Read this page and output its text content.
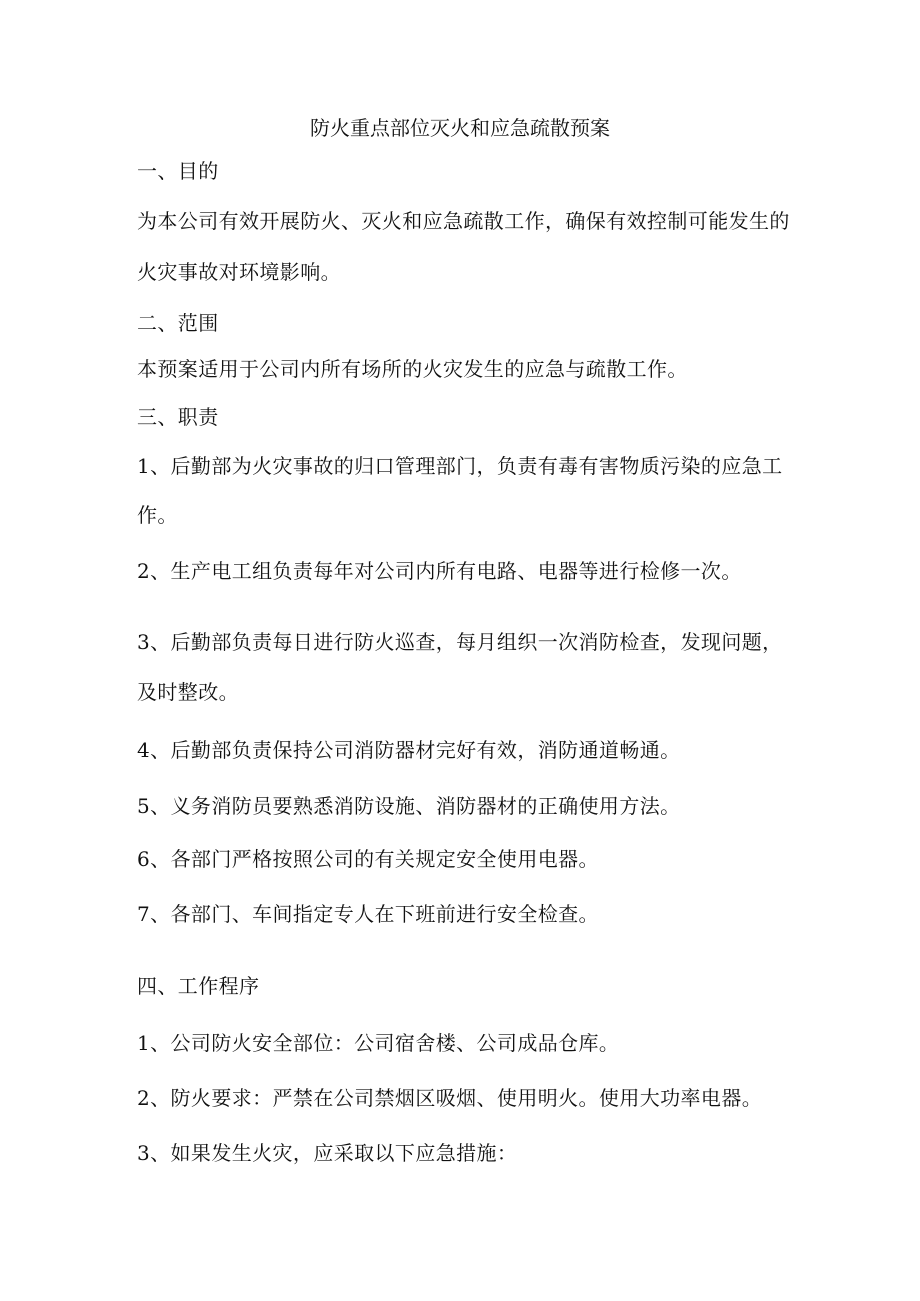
防火重点部位灭火和应急疏散预案
一、目的
为本公司有效开展防火、灭火和应急疏散工作，确保有效控制可能发生的
火灾事故对环境影响。
二、范围
本预案适用于公司内所有场所的火灾发生的应急与疏散工作。
三、职责
1、后勤部为火灾事故的归口管理部门，负责有毒有害物质污染的应急工
作。
2、生产电工组负责每年对公司内所有电路、电器等进行检修一次。
3、后勤部负责每日进行防火巡查，每月组织一次消防检查，发现问题，
及时整改。
4、后勤部负责保持公司消防器材完好有效，消防通道畅通。
5、义务消防员要熟悉消防设施、消防器材的正确使用方法。
6、各部门严格按照公司的有关规定安全使用电器。
7、各部门、车间指定专人在下班前进行安全检查。
四、工作程序
1、公司防火安全部位：公司宿舍楼、公司成品仓库。
2、防火要求：严禁在公司禁烟区吸烟、使用明火。使用大功率电器。
3、如果发生火灾，应采取以下应急措施：
